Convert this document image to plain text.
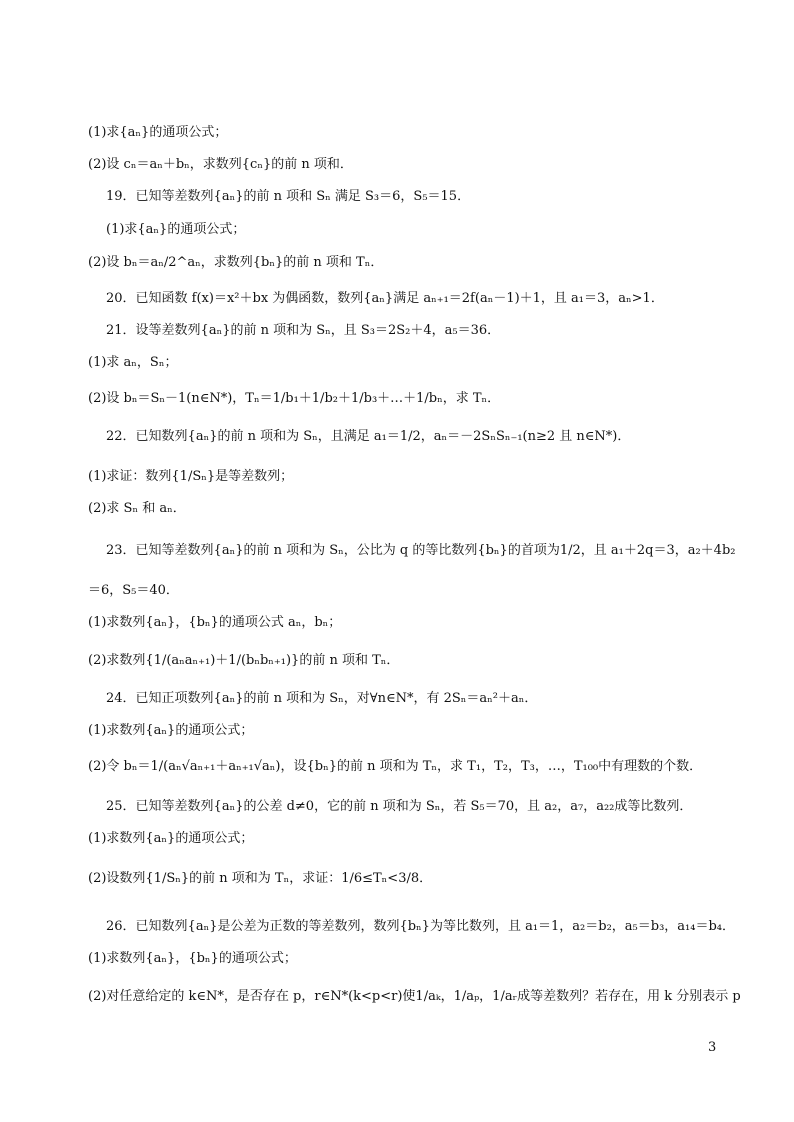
(1)求{aₙ}的通项公式；
(2)设 cₙ＝aₙ＋bₙ，求数列{cₙ}的前 n 项和．
19．已知等差数列{aₙ}的前 n 项和 Sₙ 满足 S₃＝6，S₅＝15．
(1)求{aₙ}的通项公式；
(2)设 bₙ＝aₙ/2^aₙ，求数列{bₙ}的前 n 项和 Tₙ．
20．已知函数 f(x)＝x²＋bx 为偶函数，数列{aₙ}满足 aₙ₊₁＝2f(aₙ－1)＋1，且 a₁＝3，aₙ>1．
21．设等差数列{aₙ}的前 n 项和为 Sₙ，且 S₃＝2S₂＋4，a₅＝36．
(1)求 aₙ，Sₙ；
(2)设 bₙ＝Sₙ－1(n∈N*)，Tₙ＝1/b₁＋1/b₂＋1/b₃＋…＋1/bₙ，求 Tₙ．
22．已知数列{aₙ}的前 n 项和为 Sₙ，且满足 a₁＝1/2，aₙ＝－2SₙSₙ₋₁(n≥2 且 n∈N*)．
(1)求证：数列{1/Sₙ}是等差数列；
(2)求 Sₙ 和 aₙ．
23．已知等差数列{aₙ}的前 n 项和为 Sₙ，公比为 q 的等比数列{bₙ}的首项为1/2，且 a₁＋2q＝3，a₂＋4b₂
＝6，S₅＝40．
(1)求数列{aₙ}，{bₙ}的通项公式 aₙ，bₙ；
(2)求数列{1/(aₙaₙ₊₁)＋1/(bₙbₙ₊₁)}的前 n 项和 Tₙ．
24．已知正项数列{aₙ}的前 n 项和为 Sₙ，对∀n∈N*，有 2Sₙ＝aₙ²＋aₙ．
(1)求数列{aₙ}的通项公式；
(2)令 bₙ＝1/(aₙ√aₙ₊₁＋aₙ₊₁√aₙ)，设{bₙ}的前 n 项和为 Tₙ，求 T₁，T₂，T₃，…，T₁₀₀中有理数的个数．
25．已知等差数列{aₙ}的公差 d≠0，它的前 n 项和为 Sₙ，若 S₅＝70，且 a₂，a₇，a₂₂成等比数列．
(1)求数列{aₙ}的通项公式；
(2)设数列{1/Sₙ}的前 n 项和为 Tₙ，求证：1/6≤Tₙ<3/8．
26．已知数列{aₙ}是公差为正数的等差数列，数列{bₙ}为等比数列，且 a₁＝1，a₂＝b₂，a₅＝b₃，a₁₄＝b₄．
(1)求数列{aₙ}，{bₙ}的通项公式；
(2)对任意给定的 k∈N*，是否存在 p，r∈N*(k<p<r)使1/aₖ，1/aₚ，1/aᵣ成等差数列？若存在，用 k 分别表示 p
3
